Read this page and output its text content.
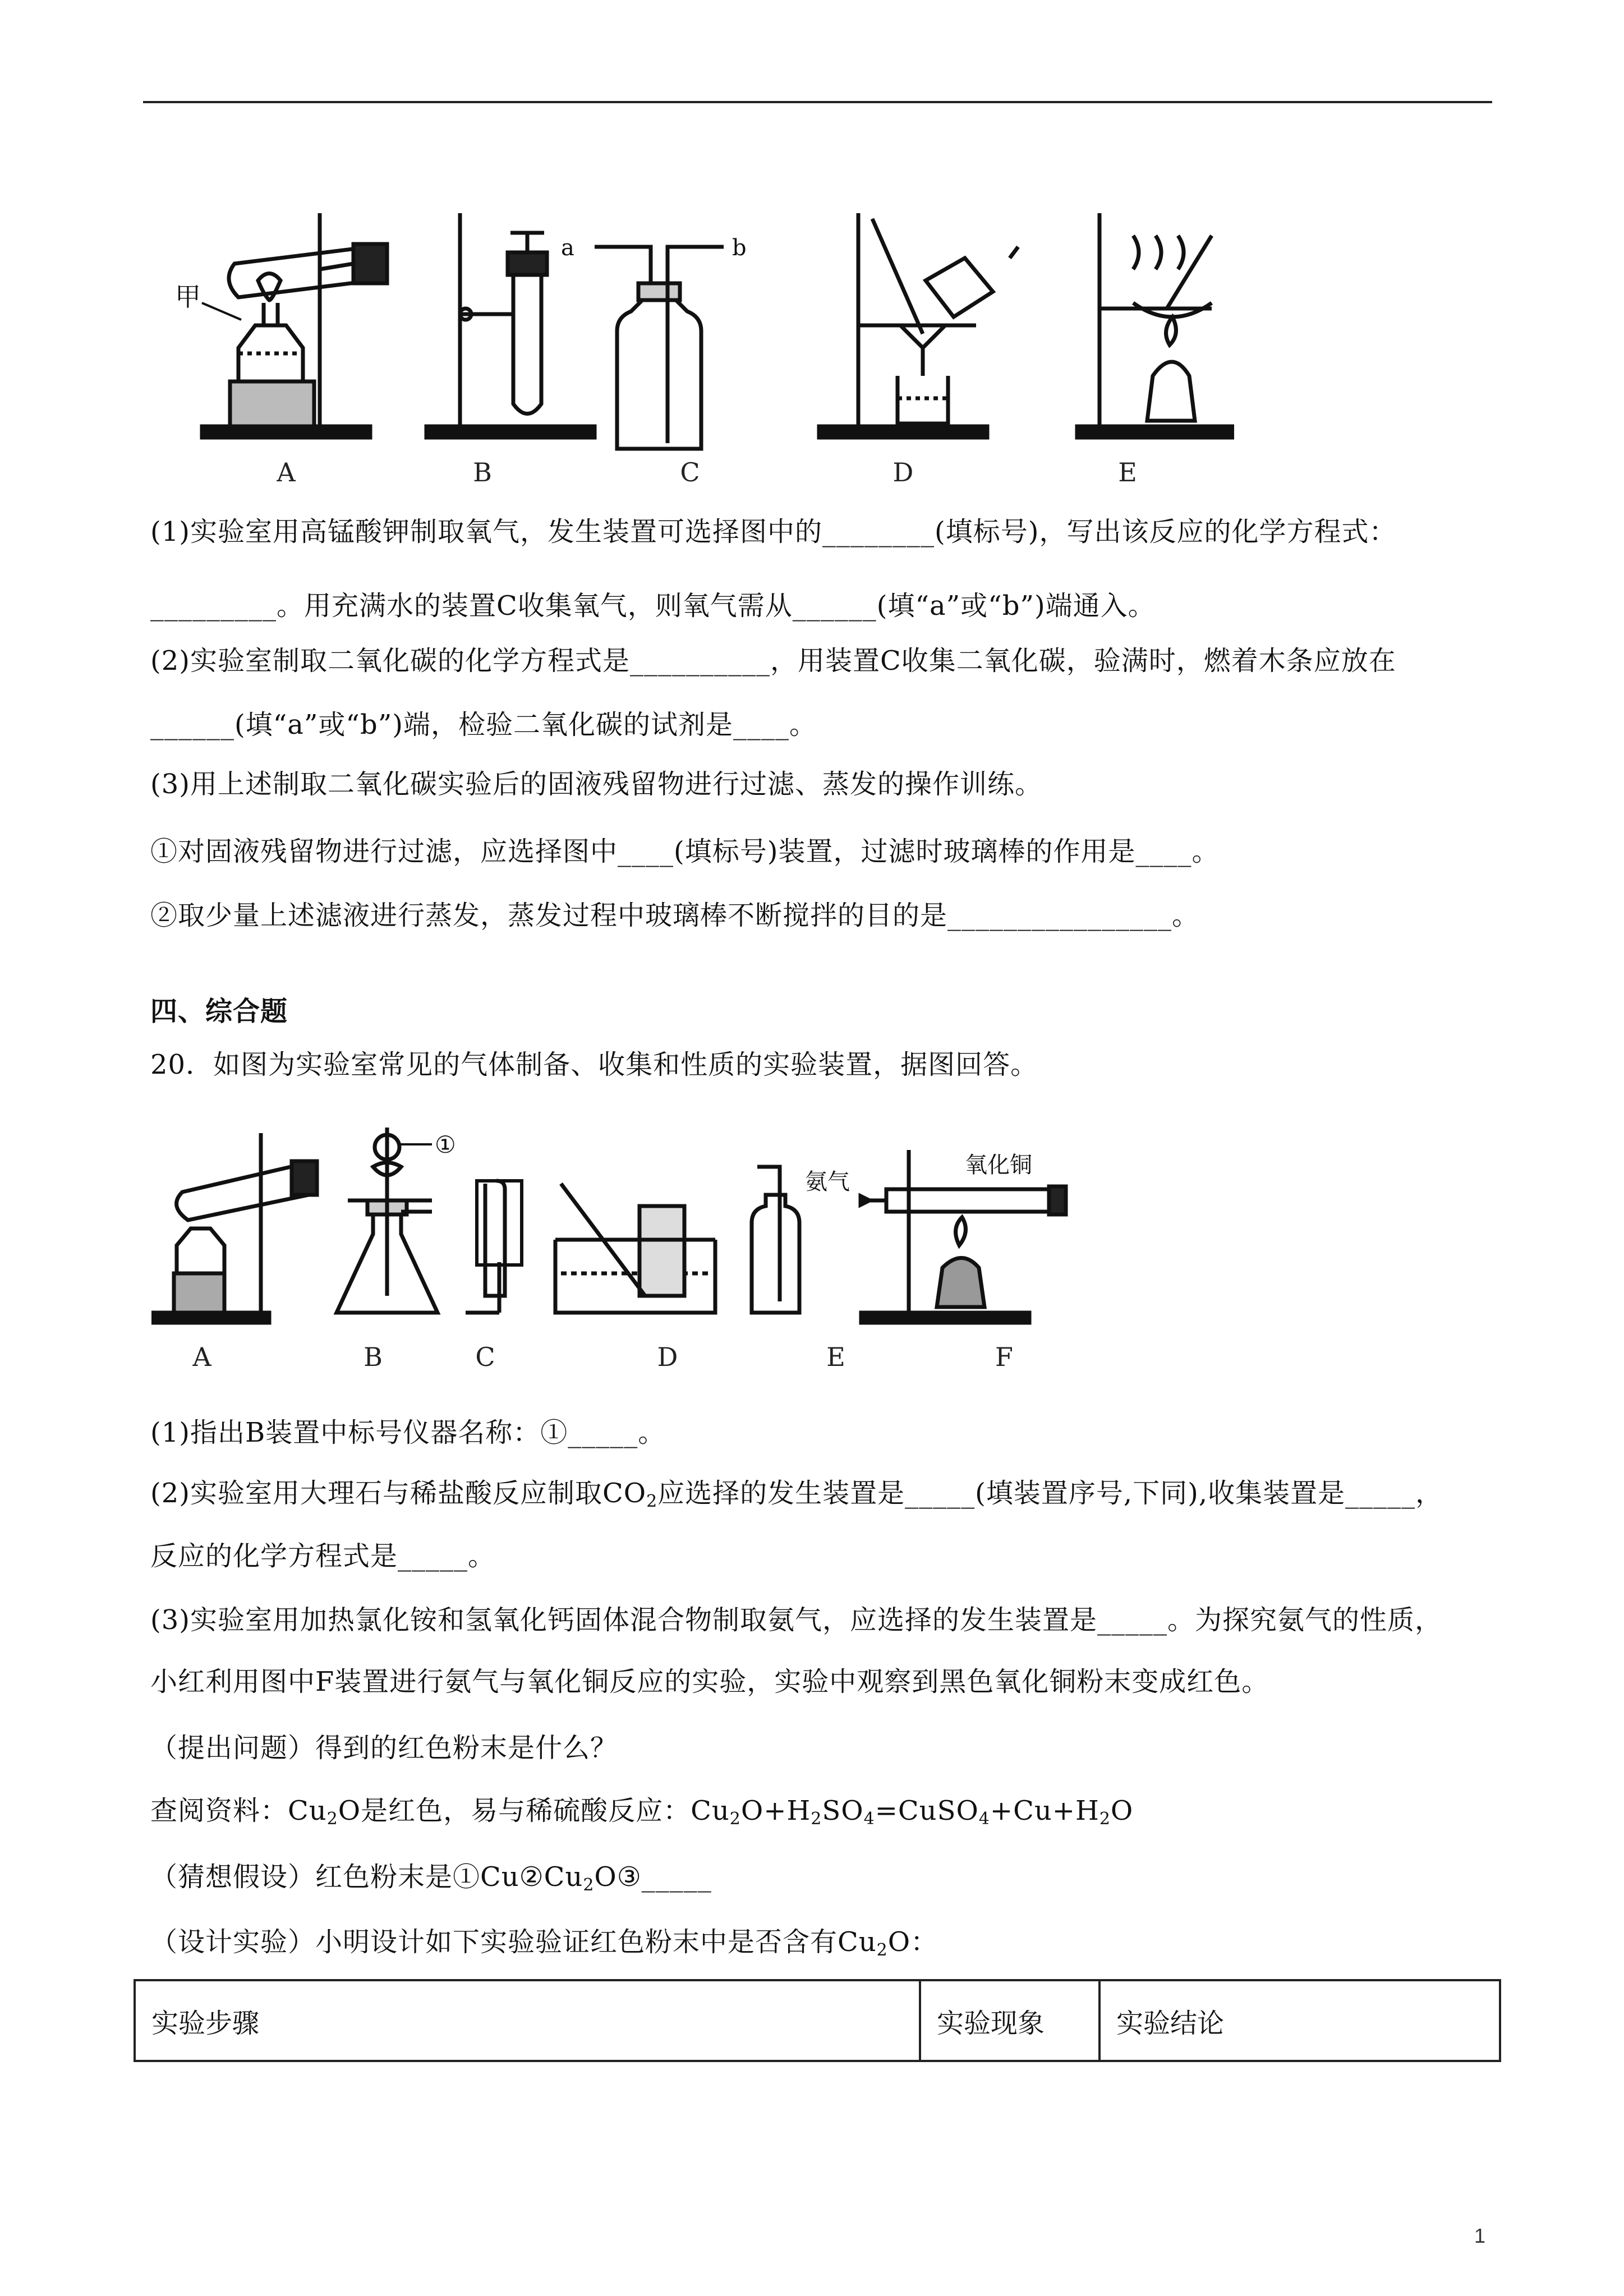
甲
a	b
A	B	C	D	E
(1)实验室用高锰酸钾制取氧气，发生装置可选择图中的________(填标号)，写出该反应的化学方程式：
_________。用充满水的装置C收集氧气，则氧气需从______(填“a”或“b”)端通入。
(2)实验室制取二氧化碳的化学方程式是__________，用装置C收集二氧化碳，验满时，燃着木条应放在
______(填“a”或“b”)端，检验二氧化碳的试剂是____。
(3)用上述制取二氧化碳实验后的固液残留物进行过滤、蒸发的操作训练。
①对固液残留物进行过滤，应选择图中____(填标号)装置，过滤时玻璃棒的作用是____。
②取少量上述滤液进行蒸发，蒸发过程中玻璃棒不断搅拌的目的是________________。
四、综合题
20．如图为实验室常见的气体制备、收集和性质的实验装置，据图回答。
①
氨气
氧化铜
A	B	C	D	E	F
(1)指出B装置中标号仪器名称：①_____。
(2)实验室用大理石与稀盐酸反应制取$CO_2$应选择的发生装置是_____(填装置序号,下同),收集装置是_____，
反应的化学方程式是_____。
(3)实验室用加热氯化铵和氢氧化钙固体混合物制取氨气，应选择的发生装置是_____。为探究氨气的性质，
小红利用图中F装置进行氨气与氧化铜反应的实验，实验中观察到黑色氧化铜粉末变成红色。
（提出问题）得到的红色粉末是什么？
查阅资料：$Cu_2O$是红色，易与稀硫酸反应：$Cu_2O+H_2SO_4=CuSO_4+Cu+H_2O$
（猜想假设）红色粉末是$①Cu②Cu_2O③\_\_\_\_\_$
（设计实验）小明设计如下实验验证红色粉末中是否含有$Cu_2O$：
实验步骤	实验现象	实验结论
1
